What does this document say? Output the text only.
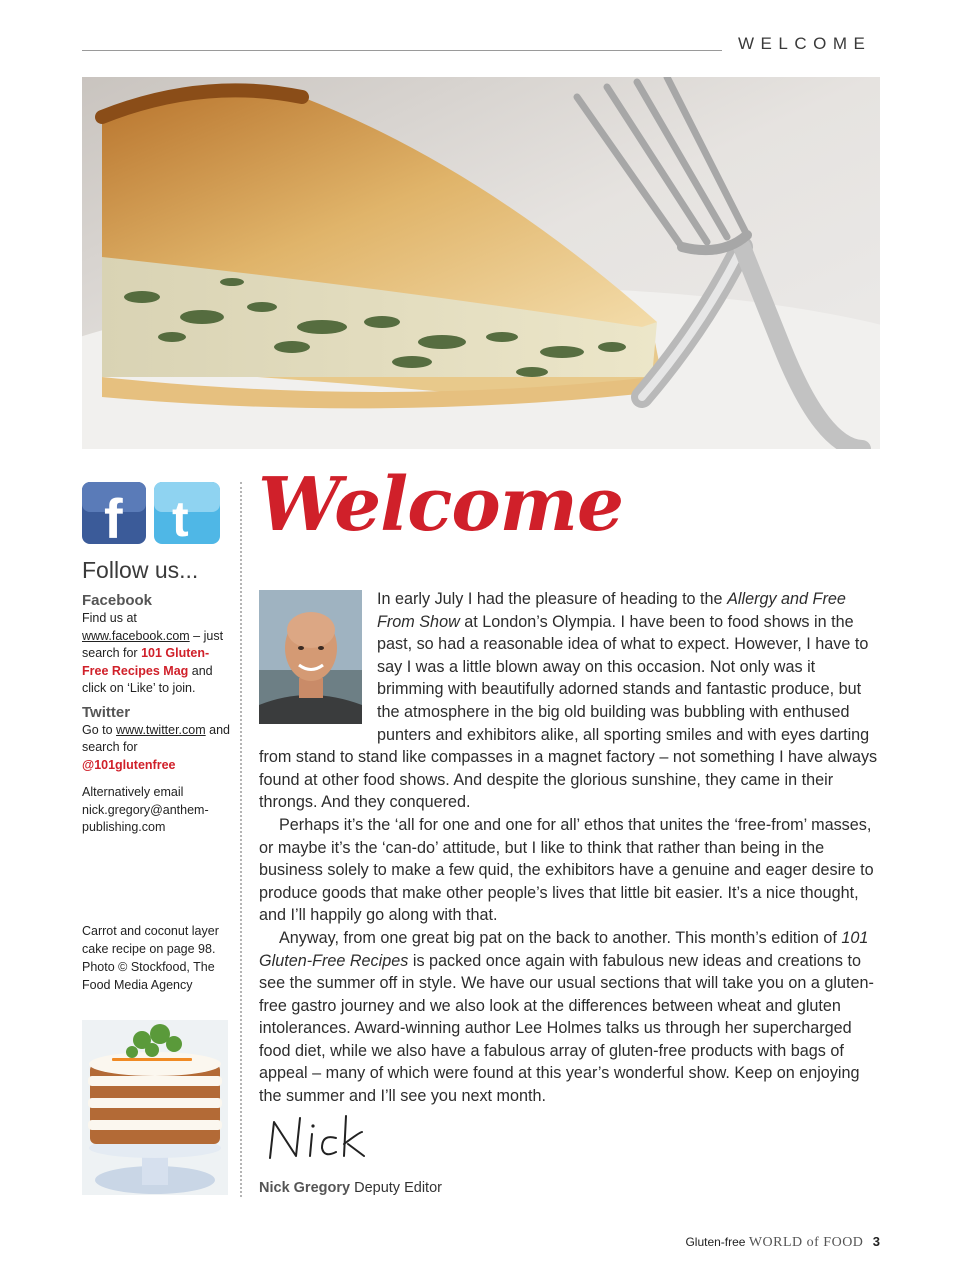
WELCOME
f t
Follow us...
Facebook

Find us at www.facebook.com – just search for 101 Gluten-Free Recipes Mag and click on ‘Like’ to join.

Twitter

Go to www.twitter.com and search for @101glutenfree

Alternatively email nick.gregory@anthem-publishing.com

Carrot and coconut layer cake recipe on page 98. Photo © Stockfood, The Food Media Agency

Welcome

In early July I had the pleasure of heading to the Allergy and Free From Show at London’s Olympia. I have been to food shows in the past, so had a reasonable idea of what to expect. However, I have to say I was a little blown away on this occasion. Not only was it brimming with beautifully adorned stands and fantastic produce, but the atmosphere in the big old building was bubbling with enthused punters and exhibitors alike, all sporting smiles and with eyes darting from stand to stand like compasses in a magnet factory – not something I have always found at other food shows. And despite the glorious sunshine, they came in their throngs. And they conquered.

Perhaps it’s the ‘all for one and one for all’ ethos that unites the ‘free-from’ masses, or maybe it’s the ‘can-do’ attitude, but I like to think that rather than being in the business solely to make a few quid, the exhibitors have a genuine and eager desire to produce goods that make other people’s lives that little bit easier. It’s a nice thought, and I’ll happily go along with that.

Anyway, from one great big pat on the back to another. This month’s edition of 101 Gluten-Free Recipes is packed once again with fabulous new ideas and creations to see the summer off in style. We have our usual sections that will take you on a gluten-free gastro journey and we also look at the differences between wheat and gluten intolerances. Award-winning author Lee Holmes talks us through her supercharged food diet, while we also have a fabulous array of gluten-free products with bags of appeal – many of which were found at this year’s wonderful show. Keep on enjoying the summer and I’ll see you next month.

Nick Gregory Deputy Editor
Gluten-free WORLD of FOOD 3
